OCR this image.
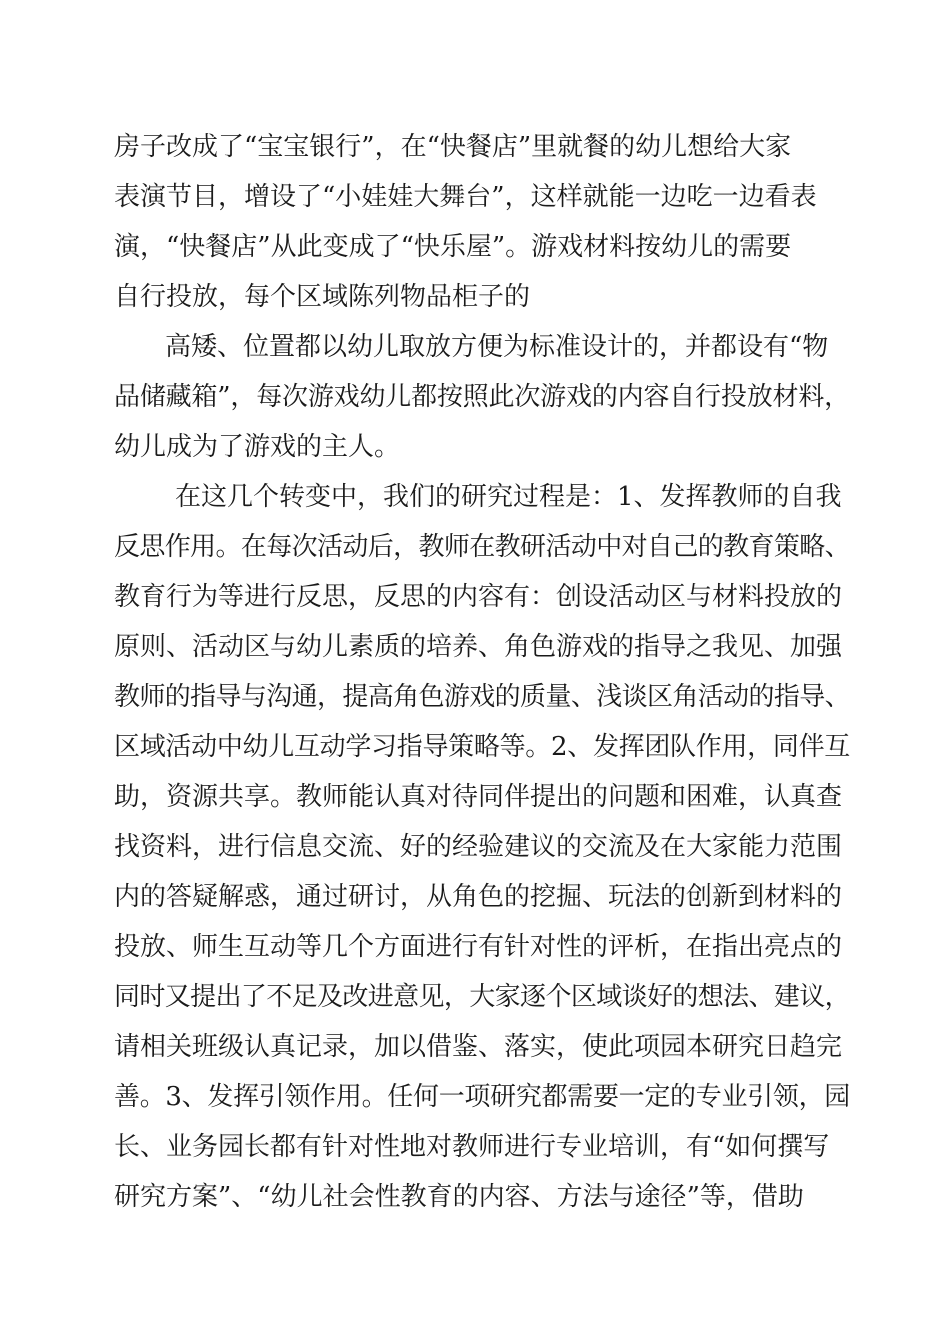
房子改成了“宝宝银行”，在“快餐店”里就餐的幼儿想给大家
表演节目，增设了“小娃娃大舞台”，这样就能一边吃一边看表
演，“快餐店”从此变成了“快乐屋”。游戏材料按幼儿的需要
自行投放，每个区域陈列物品柜子的
高矮、位置都以幼儿取放方便为标准设计的，并都设有“物
品储藏箱”，每次游戏幼儿都按照此次游戏的内容自行投放材料，
幼儿成为了游戏的主人。
在这几个转变中，我们的研究过程是：1、发挥教师的自我
反思作用。在每次活动后，教师在教研活动中对自己的教育策略、
教育行为等进行反思，反思的内容有：创设活动区与材料投放的
原则、活动区与幼儿素质的培养、角色游戏的指导之我见、加强
教师的指导与沟通，提高角色游戏的质量、浅谈区角活动的指导、
区域活动中幼儿互动学习指导策略等。2、发挥团队作用，同伴互
助，资源共享。教师能认真对待同伴提出的问题和困难，认真查
找资料，进行信息交流、好的经验建议的交流及在大家能力范围
内的答疑解惑，通过研讨，从角色的挖掘、玩法的创新到材料的
投放、师生互动等几个方面进行有针对性的评析，在指出亮点的
同时又提出了不足及改进意见，大家逐个区域谈好的想法、建议，
请相关班级认真记录，加以借鉴、落实，使此项园本研究日趋完
善。3、发挥引领作用。任何一项研究都需要一定的专业引领，园
长、业务园长都有针对性地对教师进行专业培训，有“如何撰写
研究方案”、“幼儿社会性教育的内容、方法与途径”等，借助
